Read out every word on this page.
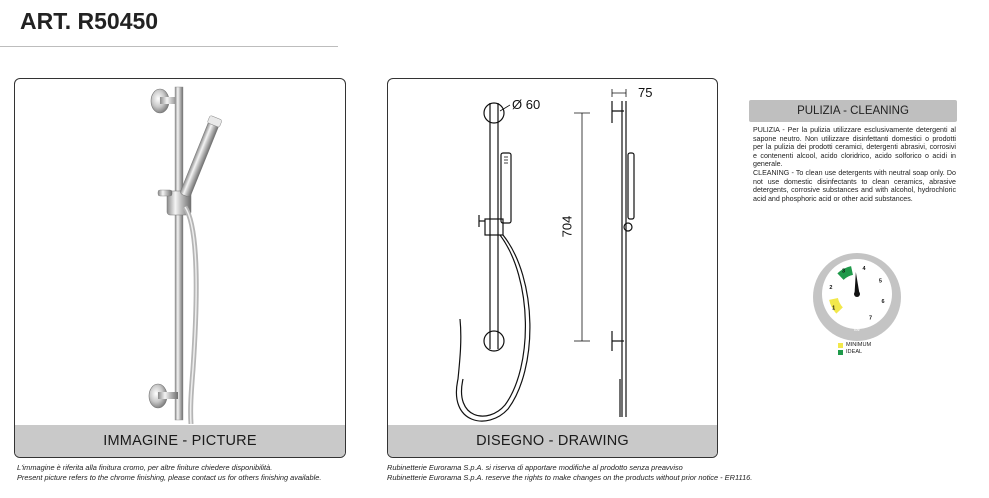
ART. R50450
IMMAGINE - PICTURE
L'immagine è riferita alla finitura cromo, per altre finiture chiedere disponibilità.
Present picture refers to the chrome finishing, please contact us for others finishing available.
Ø 60
75
704
DISEGNO - DRAWING
Rubinetterie Eurorama S.p.A. si riserva di apportare modifiche al prodotto senza preavviso
Rubinetterie Eurorama S.p.A. reserve the rights to make changes on the products without prior notice - ER1116.
PULIZIA - CLEANING
PULIZIA - Per la pulizia utilizzare esclusivamente detergenti al sapone neutro. Non utilizzare disinfettanti domestici o prodotti per la pulizia dei prodotti ceramici, detergenti abrasivi, corrosivi e contenenti alcool, acido cloridrico, acido solforico o acidi in generale.
CLEANING - To clean use detergents with neutral soap only. Do not use domestic disinfectants to clean ceramics, abrasive detergents, corrosive substances and with alcohol, hydrochloric acid and phosphoric acid or other acid substances.
1
2
3	4
5
6
7
PRESSURE
bar
MINIMUM
IDEAL
